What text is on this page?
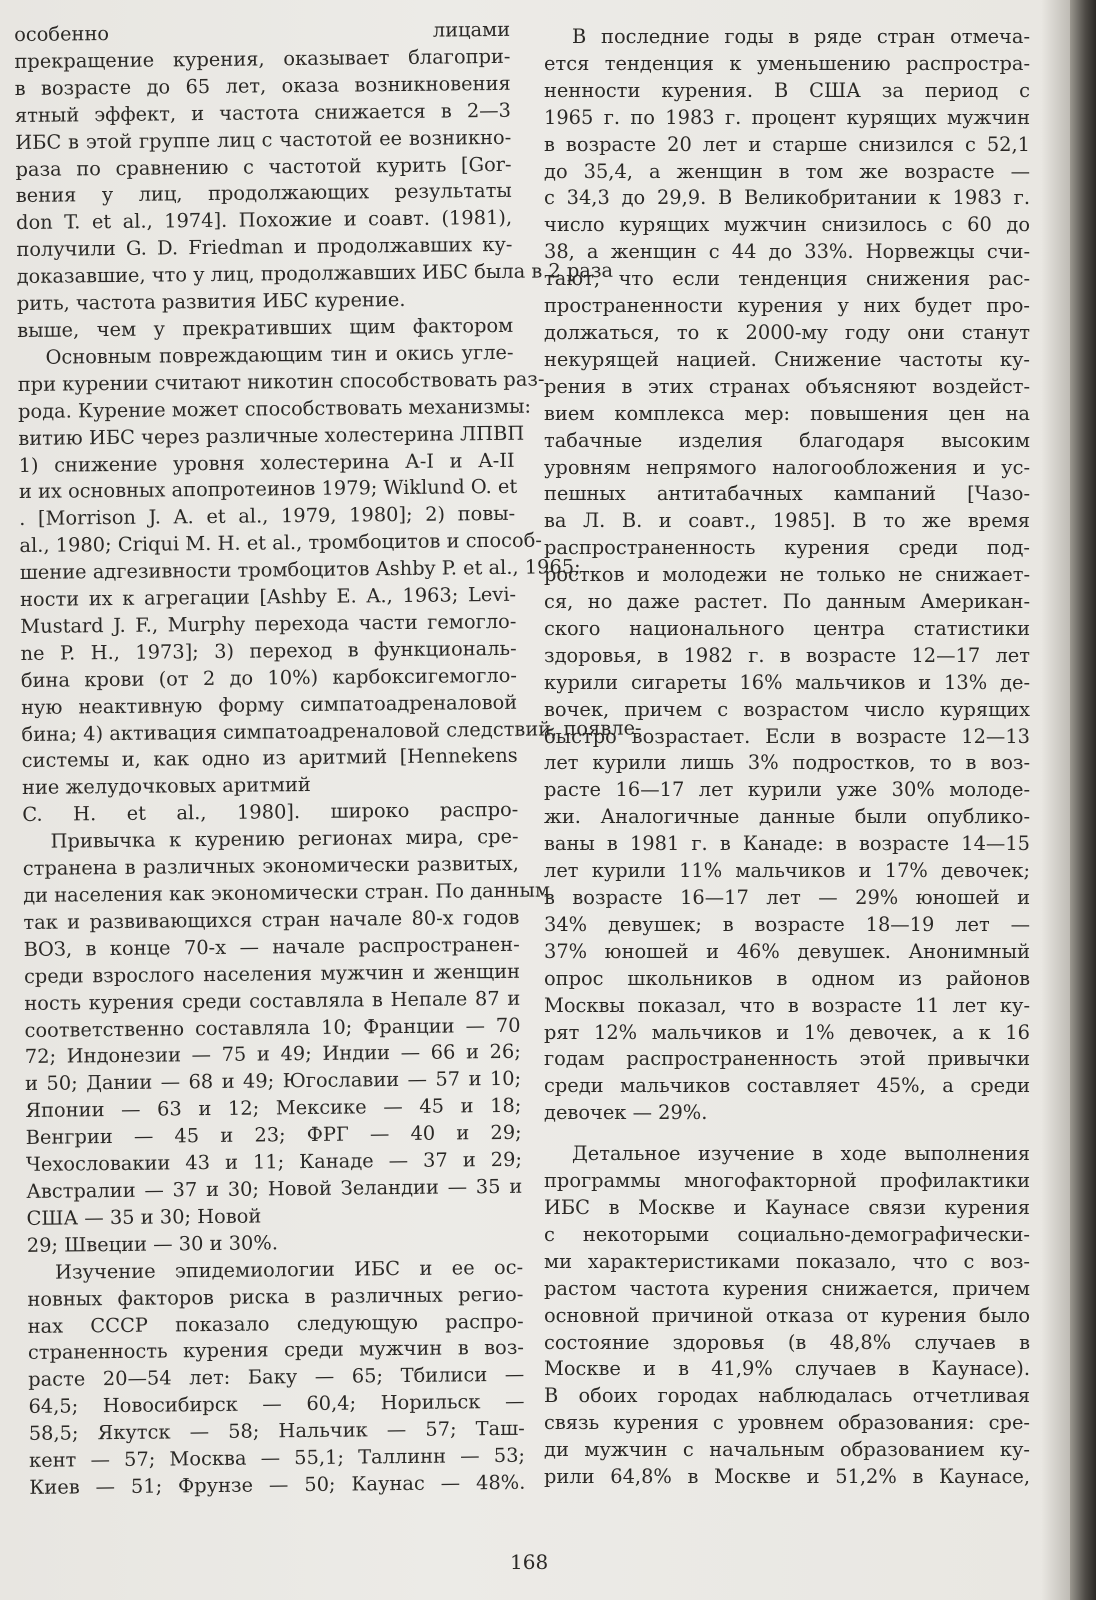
особенно лицами
прекращение курения, оказывает благопри-
в возрасте до 65 лет, оказа возникновения
ятный эффект, и частота снижается в 2—3
ИБС в этой группе лиц с частотой ее возникно-
раза по сравнению с частотой курить [Gor-
вения у лиц, продолжающих результаты
don T. et al., 1974]. Похожие и соавт. (1981),
получили G. D. Friedman и продолжавших ку-
доказавшие, что у лиц, продолжавших ИБС была в 2 раза
рить, частота развития ИБС курение.
выше, чем у прекративших щим фактором
Основным повреждающим тин и окись угле-
при курении считают никотин способствовать раз-
рода. Курение может способствовать механизмы:
витию ИБС через различные холестерина ЛПВП
1) снижение уровня холестерина А-I и А-II
и их основных апопротеинов 1979; Wiklund O. et
. [Morrison J. A. et al., 1979, 1980]; 2) повы-
al., 1980; Criqui M. H. et al., тромбоцитов и способ-
шение адгезивности тромбоцитов Ashby P. et al., 1965;
ности их к агрегации [Ashby E. A., 1963; Levi-
Mustard J. F., Murphy перехода части гемогло-
ne P. H., 1973]; 3) переход в функциональ-
бина крови (от 2 до 10%) карбоксигемогло-
ную неактивную форму симпатоадреналовой
бина; 4) активация симпатоадреналовой следствий, появле-
системы и, как одно из аритмий [Hennekens
ние желудочковых аритмий
C. H. et al., 1980]. широко распро-
Привычка к курению регионах мира, сре-
странена в различных экономически развитых,
ди населения как экономически стран. По данным
так и развивающихся стран начале 80-х годов
ВОЗ, в конце 70-х — начале распространен-
среди взрослого населения мужчин и женщин
ность курения среди составляла в Непале 87 и
соответственно составляла 10; Франции — 70
72; Индонезии — 75 и 49; Индии — 66 и 26;
и 50; Дании — 68 и 49; Югославии — 57 и 10;
Японии — 63 и 12; Мексике — 45 и 18;
Венгрии — 45 и 23; ФРГ — 40 и 29;
Чехословакии 43 и 11; Канаде — 37 и 29;
Австралии — 37 и 30; Новой Зеландии — 35 и
США — 35 и 30; Новой
29; Швеции — 30 и 30%.
Изучение эпидемиологии ИБС и ее ос-
новных факторов риска в различных регио-
нах СССР показало следующую распро-
страненность курения среди мужчин в воз-
расте 20—54 лет: Баку — 65; Тбилиси —
64,5; Новосибирск — 60,4; Норильск —
58,5; Якутск — 58; Нальчик — 57; Таш-
кент — 57; Москва — 55,1; Таллинн — 53;
Киев — 51; Фрунзе — 50; Каунас — 48%.
В последние годы в ряде стран отмеча-
ется тенденция к уменьшению распростра-
ненности курения. В США за период с
1965 г. по 1983 г. процент курящих мужчин
в возрасте 20 лет и старше снизился с 52,1
до 35,4, а женщин в том же возрасте —
с 34,3 до 29,9. В Великобритании к 1983 г.
число курящих мужчин снизилось с 60 до
38, а женщин с 44 до 33%. Норвежцы счи-
тают, что если тенденция снижения рас-
пространенности курения у них будет про-
должаться, то к 2000-му году они станут
некурящей нацией. Снижение частоты ку-
рения в этих странах объясняют воздейст-
вием комплекса мер: повышения цен на
табачные изделия благодаря высоким
уровням непрямого налогообложения и ус-
пешных антитабачных кампаний [Чазо-
ва Л. В. и соавт., 1985]. В то же время
распространенность курения среди под-
ростков и молодежи не только не снижает-
ся, но даже растет. По данным Американ-
ского национального центра статистики
здоровья, в 1982 г. в возрасте 12—17 лет
курили сигареты 16% мальчиков и 13% де-
вочек, причем с возрастом число курящих
быстро возрастает. Если в возрасте 12—13
лет курили лишь 3% подростков, то в воз-
расте 16—17 лет курили уже 30% молоде-
жи. Аналогичные данные были опублико-
ваны в 1981 г. в Канаде: в возрасте 14—15
лет курили 11% мальчиков и 17% девочек;
в возрасте 16—17 лет — 29% юношей и
34% девушек; в возрасте 18—19 лет —
37% юношей и 46% девушек. Анонимный
опрос школьников в одном из районов
Москвы показал, что в возрасте 11 лет ку-
рят 12% мальчиков и 1% девочек, а к 16
годам распространенность этой привычки
среди мальчиков составляет 45%, а среди
девочек — 29%.
Детальное изучение в ходе выполнения
программы многофакторной профилактики
ИБС в Москве и Каунасе связи курения
с некоторыми социально-демографически-
ми характеристиками показало, что с воз-
растом частота курения снижается, причем
основной причиной отказа от курения было
состояние здоровья (в 48,8% случаев в
Москве и в 41,9% случаев в Каунасе).
В обоих городах наблюдалась отчетливая
связь курения с уровнем образования: сре-
ди мужчин с начальным образованием ку-
рили 64,8% в Москве и 51,2% в Каунасе,
168
